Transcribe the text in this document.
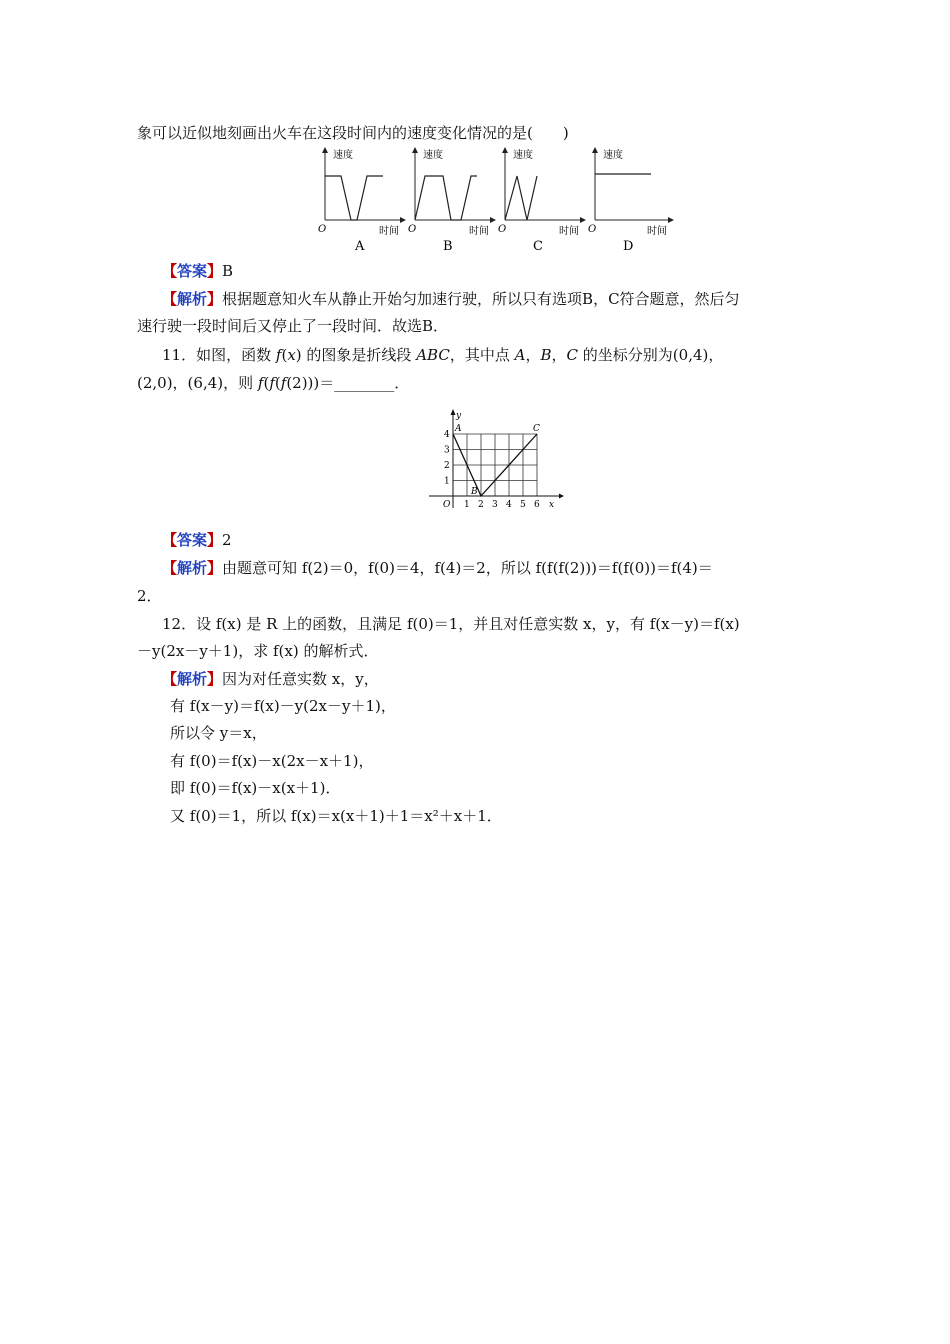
象可以近似地刻画出火车在这段时间内的速度变化情况的是(　　)
速度
时间
O
A
速度
时间
O
B
速度
时间
O
C
速度
时间
O
D
【答案】B
【解析】根据题意知火车从静止开始匀加速行驶，所以只有选项B，C符合题意，然后匀
速行驶一段时间后又停止了一段时间．故选B．
11．如图，函数 f(x) 的图象是折线段 ABC，其中点 A，B，C 的坐标分别为(0,4)，
(2,0)，(6,4)，则 f(f(f(2)))＝________．
x
y
O 1 2 3 4 5 6
1
2
3
4
A
B
C
【答案】2
【解析】由题意可知 f(2)＝0，f(0)＝4，f(4)＝2，所以 f(f(f(2)))＝f(f(0))＝f(4)＝
2．
12．设 f(x) 是 R 上的函数，且满足 f(0)＝1，并且对任意实数 x，y，有 f(x－y)＝f(x)
－y(2x－y＋1)，求 f(x) 的解析式．
【解析】因为对任意实数 x，y，
有 f(x－y)＝f(x)－y(2x－y＋1)，
所以令 y＝x，
有 f(0)＝f(x)－x(2x－x＋1)，
即 f(0)＝f(x)－x(x＋1)．
又 f(0)＝1，所以 f(x)＝x(x＋1)＋1＝x²＋x＋1．
